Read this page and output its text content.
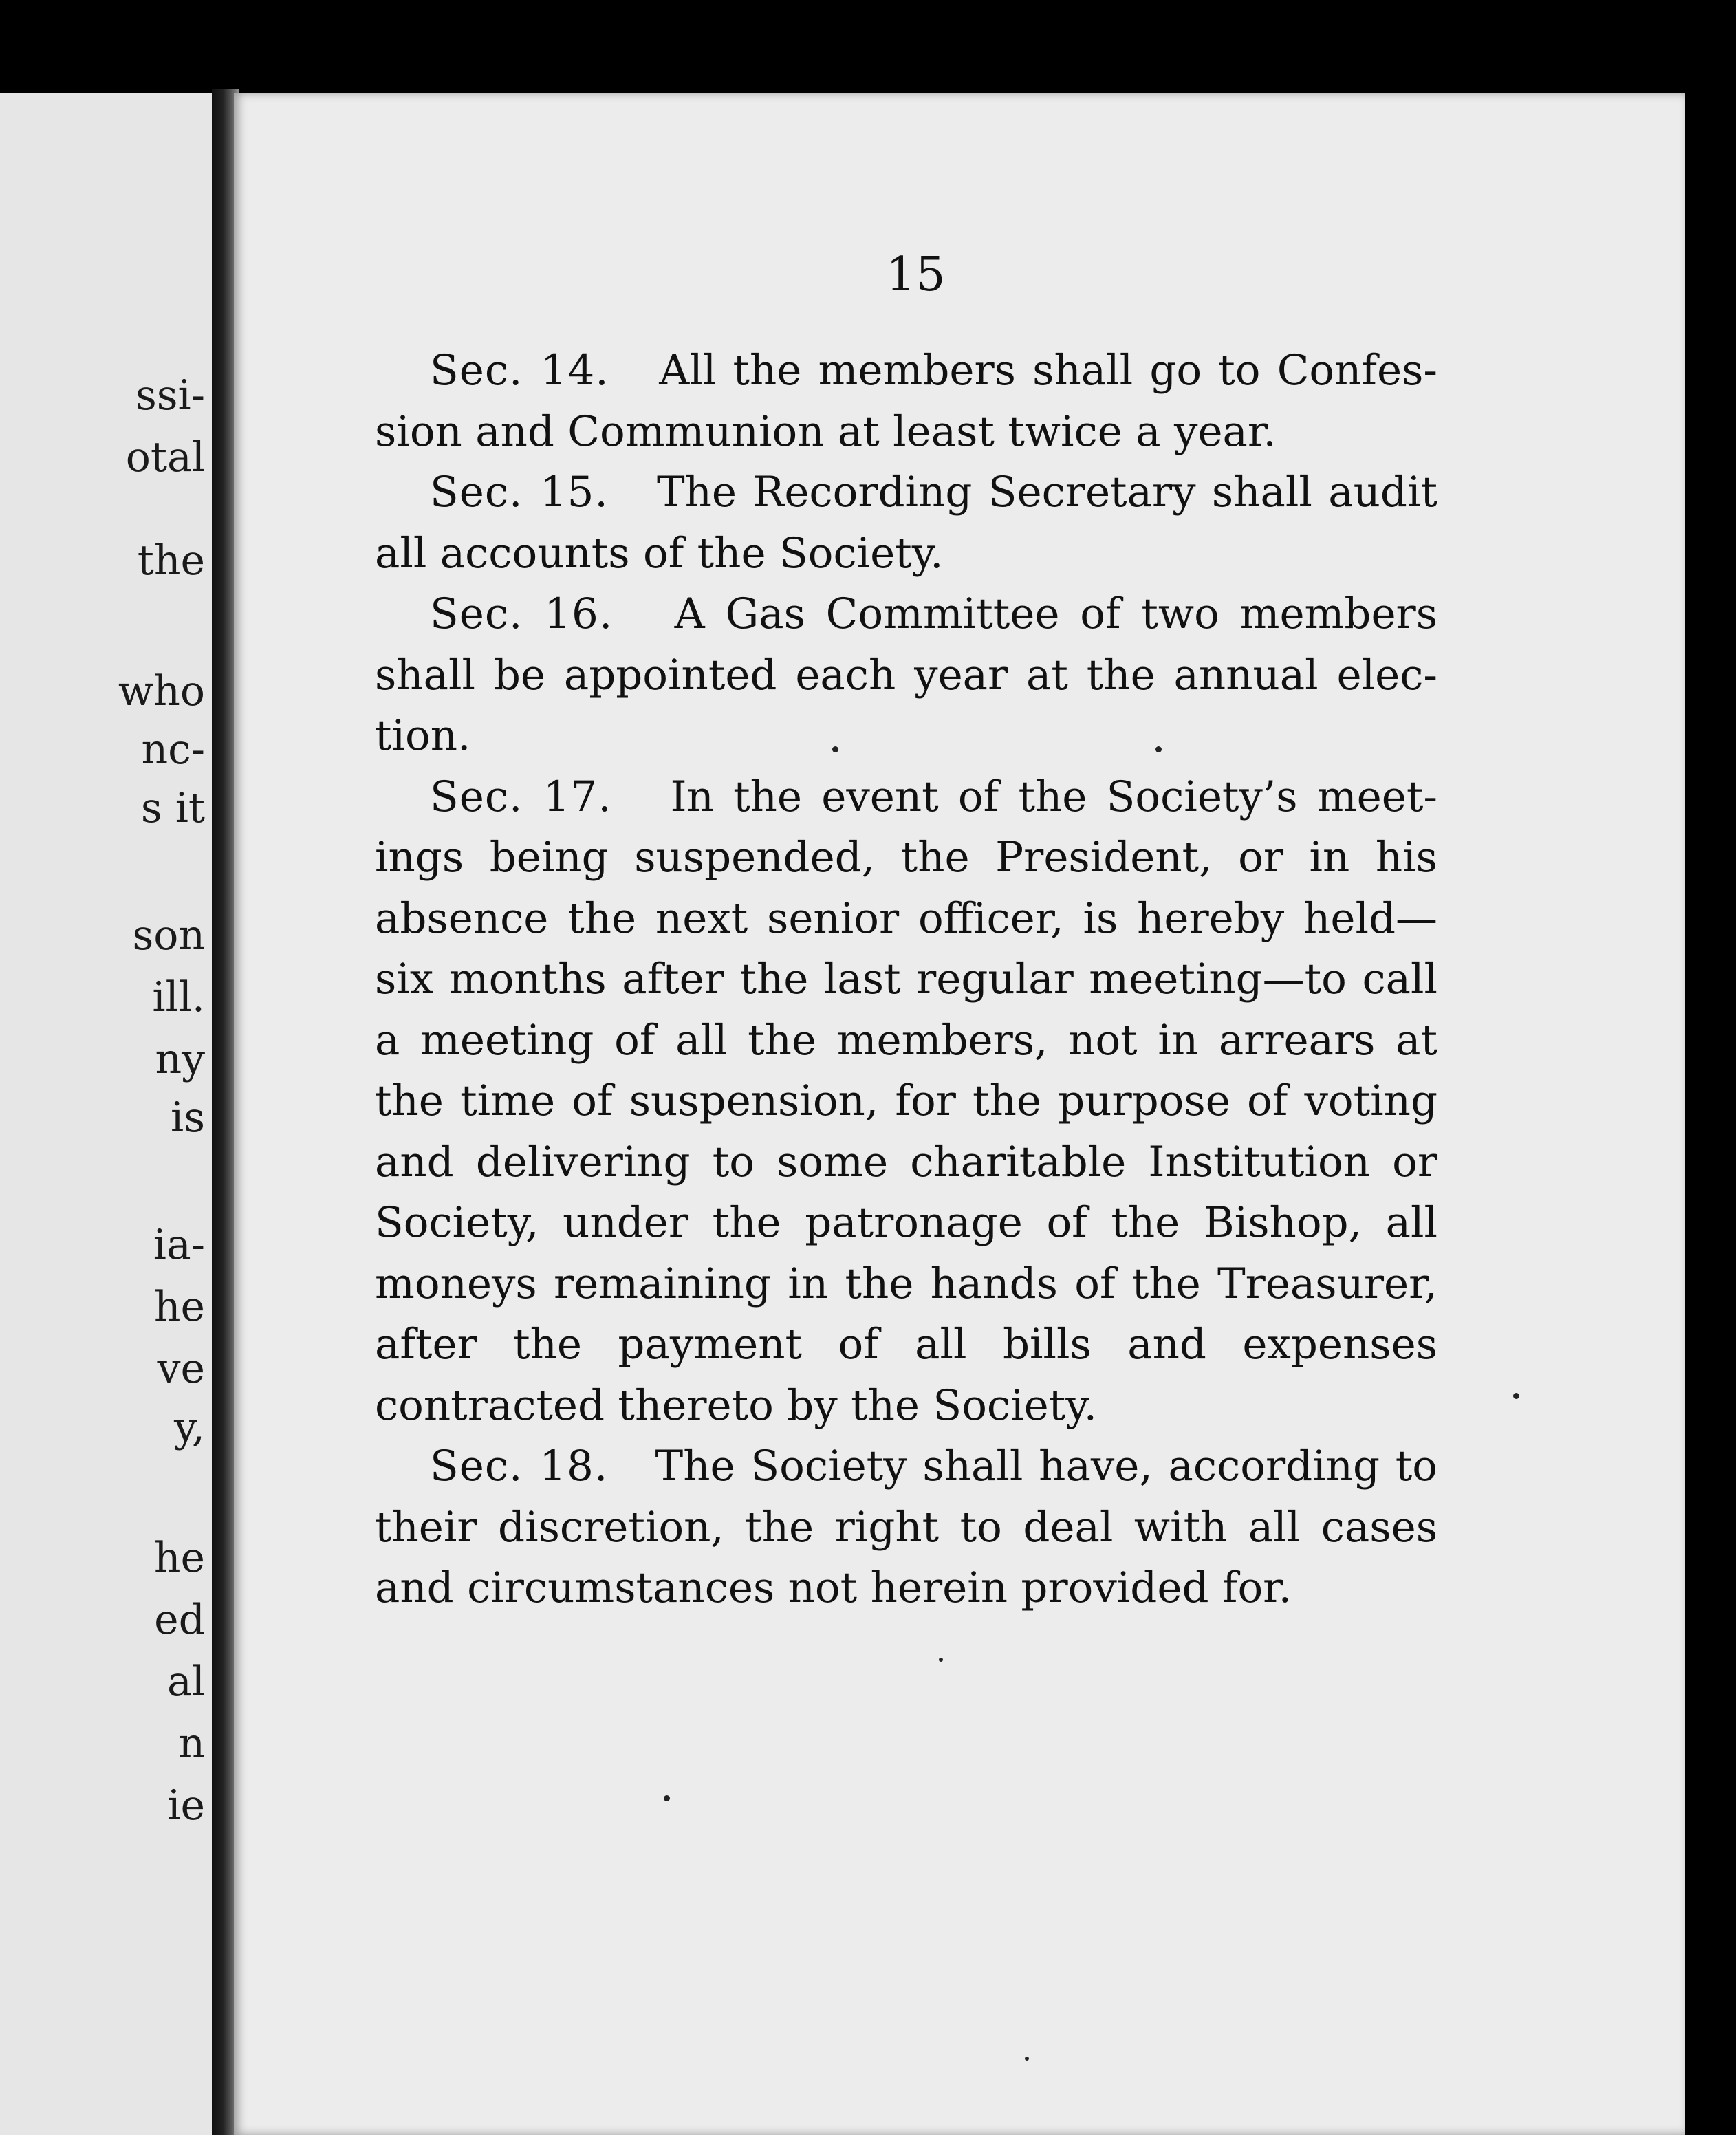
ssi-
otal
the
who
nc-
s it
son
ill.
ny
is
ia-
he
ve
y,
he
ed
al
n
ie
15

Sec. 14. All the members shall go to Confession and Communion at least twice a year.

Sec. 15. The Recording Secretary shall audit all accounts of the Society.

Sec. 16. A Gas Committee of two members shall be appointed each year at the annual election.

Sec. 17. In the event of the Society’s meetings being suspended, the President, or in his absence the next senior officer, is hereby held— six months after the last regular meeting—to call a meeting of all the members, not in arrears at the time of suspension, for the purpose of voting and delivering to some charitable Institution or Society, under the patronage of the Bishop, all moneys remaining in the hands of the Treasurer, after the payment of all bills and expenses contracted thereto by the Society.

Sec. 18. The Society shall have, according to their discretion, the right to deal with all cases and circumstances not herein provided for.
